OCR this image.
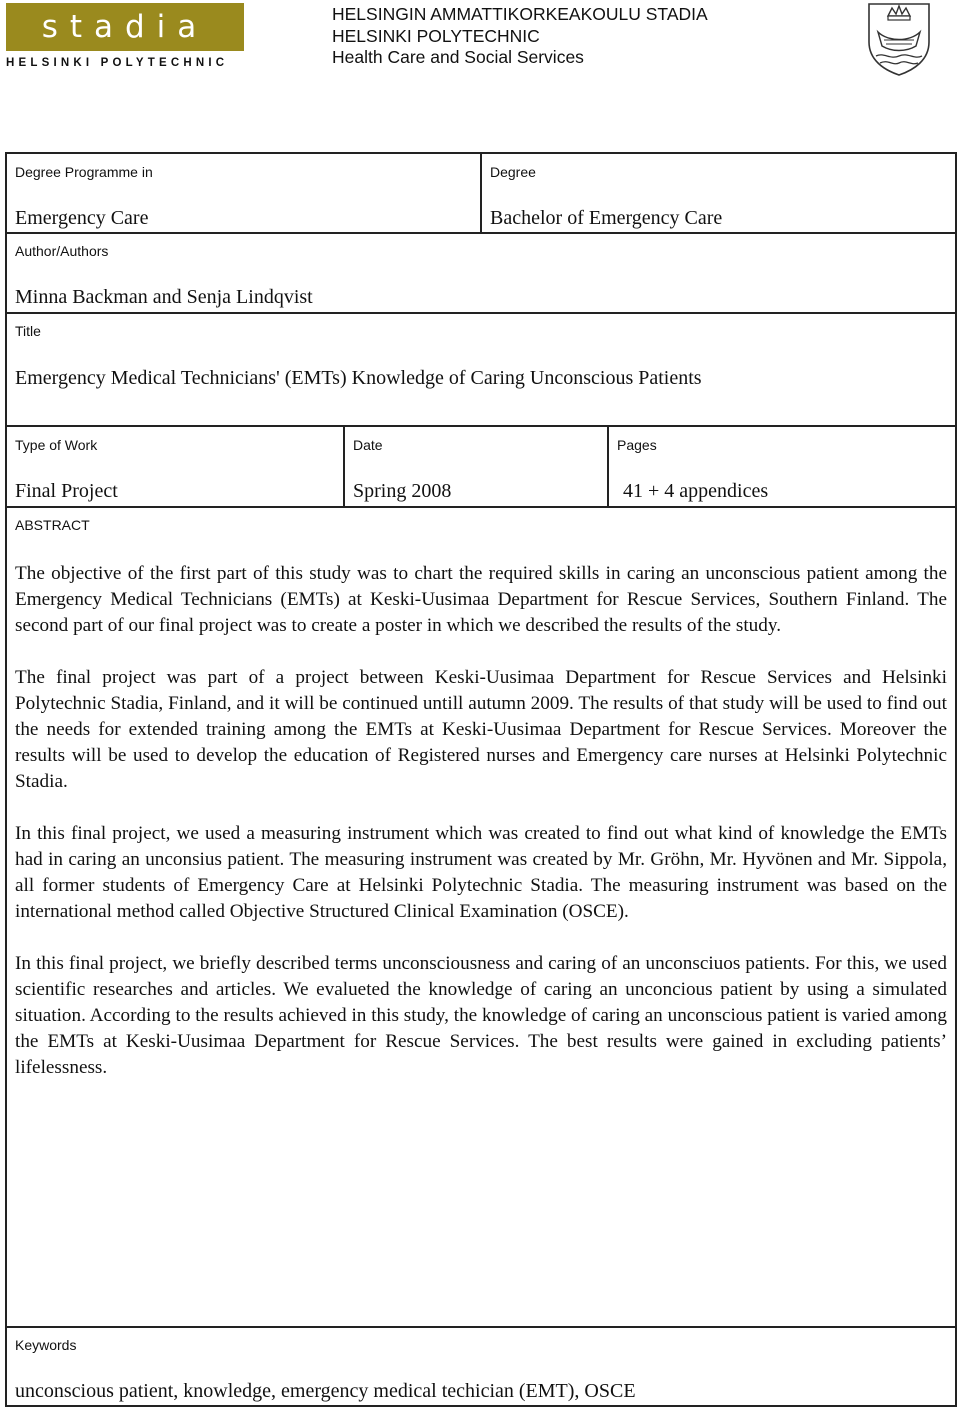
stadia
HELSINKI POLYTECHNIC
HELSINGIN AMMATTIKORKEAKOULU STADIA
HELSINKI POLYTECHNIC
Health Care and Social Services
Degree Programme in
Emergency Care
Degree
Bachelor of Emergency Care
Author/Authors
Minna Backman and Senja Lindqvist
Title
Emergency Medical Technicians' (EMTs) Knowledge of Caring Unconscious Patients
Type of Work
Final Project
Date
Spring 2008
Pages
41 + 4 appendices
ABSTRACT

The objective of the first part of this study was to chart the required skills in caring an unconscious patient among the Emergency Medical Technicians (EMTs) at Keski-Uusimaa Department for Rescue Services, Southern Finland. The second part of our final project was to create a poster in which we described the results of the study.

The final project was part of a project between Keski-Uusimaa Department for Rescue Services and Helsinki Polytechnic Stadia, Finland, and it will be continued untill autumn 2009. The results of that study will be used to find out the needs for extended training among the EMTs at Keski-Uusimaa Department for Rescue Services. Moreover the results will be used to develop the education of Registered nurses and Emergency care nurses at Helsinki Polytechnic Stadia.

In this final project, we used a measuring instrument which was created to find out what kind of knowledge the EMTs had in caring an unconsius patient. The measuring instrument was created by Mr. Gröhn, Mr. Hyvönen and Mr. Sippola, all former students of Emergency Care at Helsinki Polytechnic Stadia. The measuring instrument was based on the international method called Objective Structured Clinical Examination (OSCE).

In this final project, we briefly described terms unconsciousness and caring of an unconsciuos patients. For this, we used scientific researches and articles. We evalueted the knowledge of caring an unconcious patient by using a simulated situation. According to the results achieved in this study, the knowledge of caring an unconscious patient is varied among the EMTs at Keski-Uusimaa Department for Rescue Services. The best results were gained in excluding patients’ lifelessness.

Keywords
unconscious patient, knowledge, emergency medical techician (EMT), OSCE
